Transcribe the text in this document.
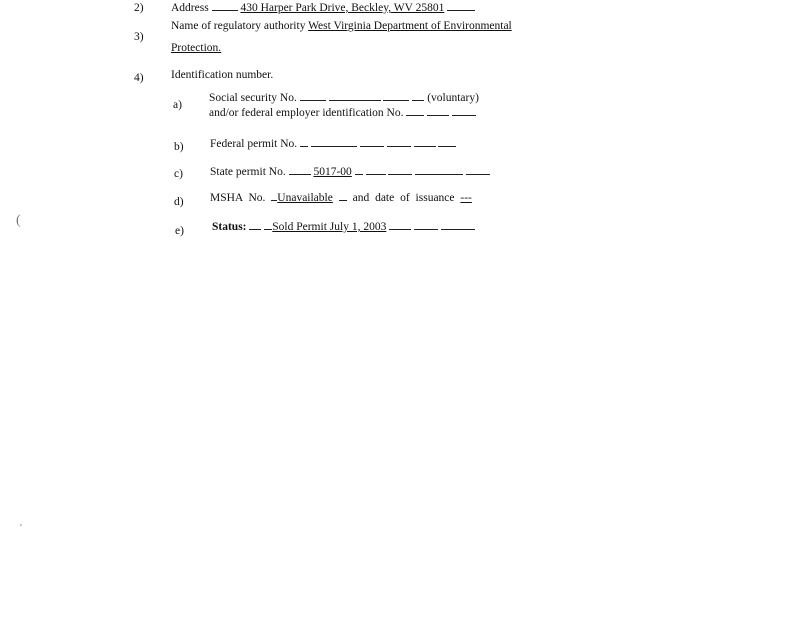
2) Address	430 Harper Park Drive, Beckley, WV 25801
3)
Name of regulatory authority West Virginia Department of Environmental
Protection.
4) Identification number.
a)
Social security No.	(voluntary)
and/or federal employer identification No.
b) Federal permit No.
c) State permit No. 5017-00
d) MSHA No. Unavailable and date of issuance ---
e) Status: Sold Permit July 1, 2003
(
′
